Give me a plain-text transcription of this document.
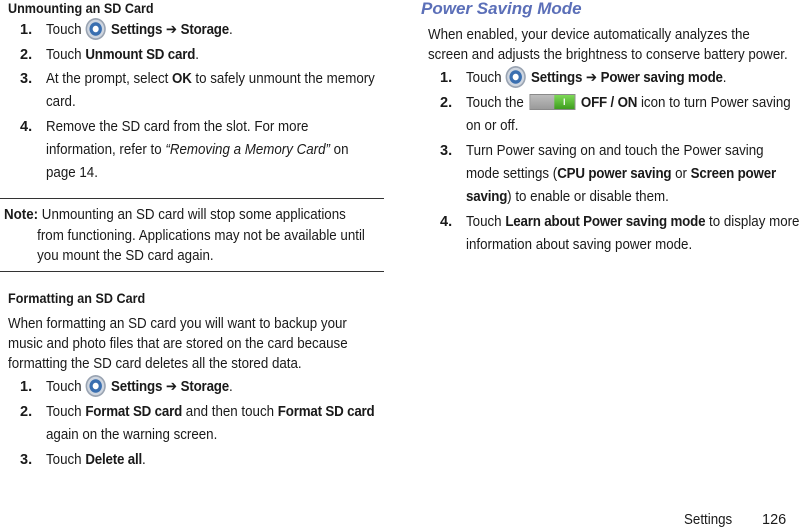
Unmounting an SD Card
1. Touch Settings ➔ Storage.
2. Touch Unmount SD card.
3. At the prompt, select OK to safely unmount the memory
card.
4. Remove the SD card from the slot. For more
information, refer to “Removing a Memory Card” on
page 14.
Note: Unmounting an SD card will stop some applications
from functioning. Applications may not be available until
you mount the SD card again.
Formatting an SD Card
When formatting an SD card you will want to backup your
music and photo files that are stored on the card because
formatting the SD card deletes all the stored data.
1. Touch Settings ➔ Storage.
2. Touch Format SD card and then touch Format SD card
again on the warning screen.
3. Touch Delete all.
Power Saving Mode
When enabled, your device automatically analyzes the
screen and adjusts the brightness to conserve battery power.
1. Touch Settings ➔ Power saving mode.
2. Touch the	I	OFF / ON icon to turn Power saving
on or off.
3. Turn Power saving on and touch the Power saving
mode settings (CPU power saving or Screen power
saving) to enable or disable them.
4. Touch Learn about Power saving mode to display more
information about saving power mode.
Settings 126
